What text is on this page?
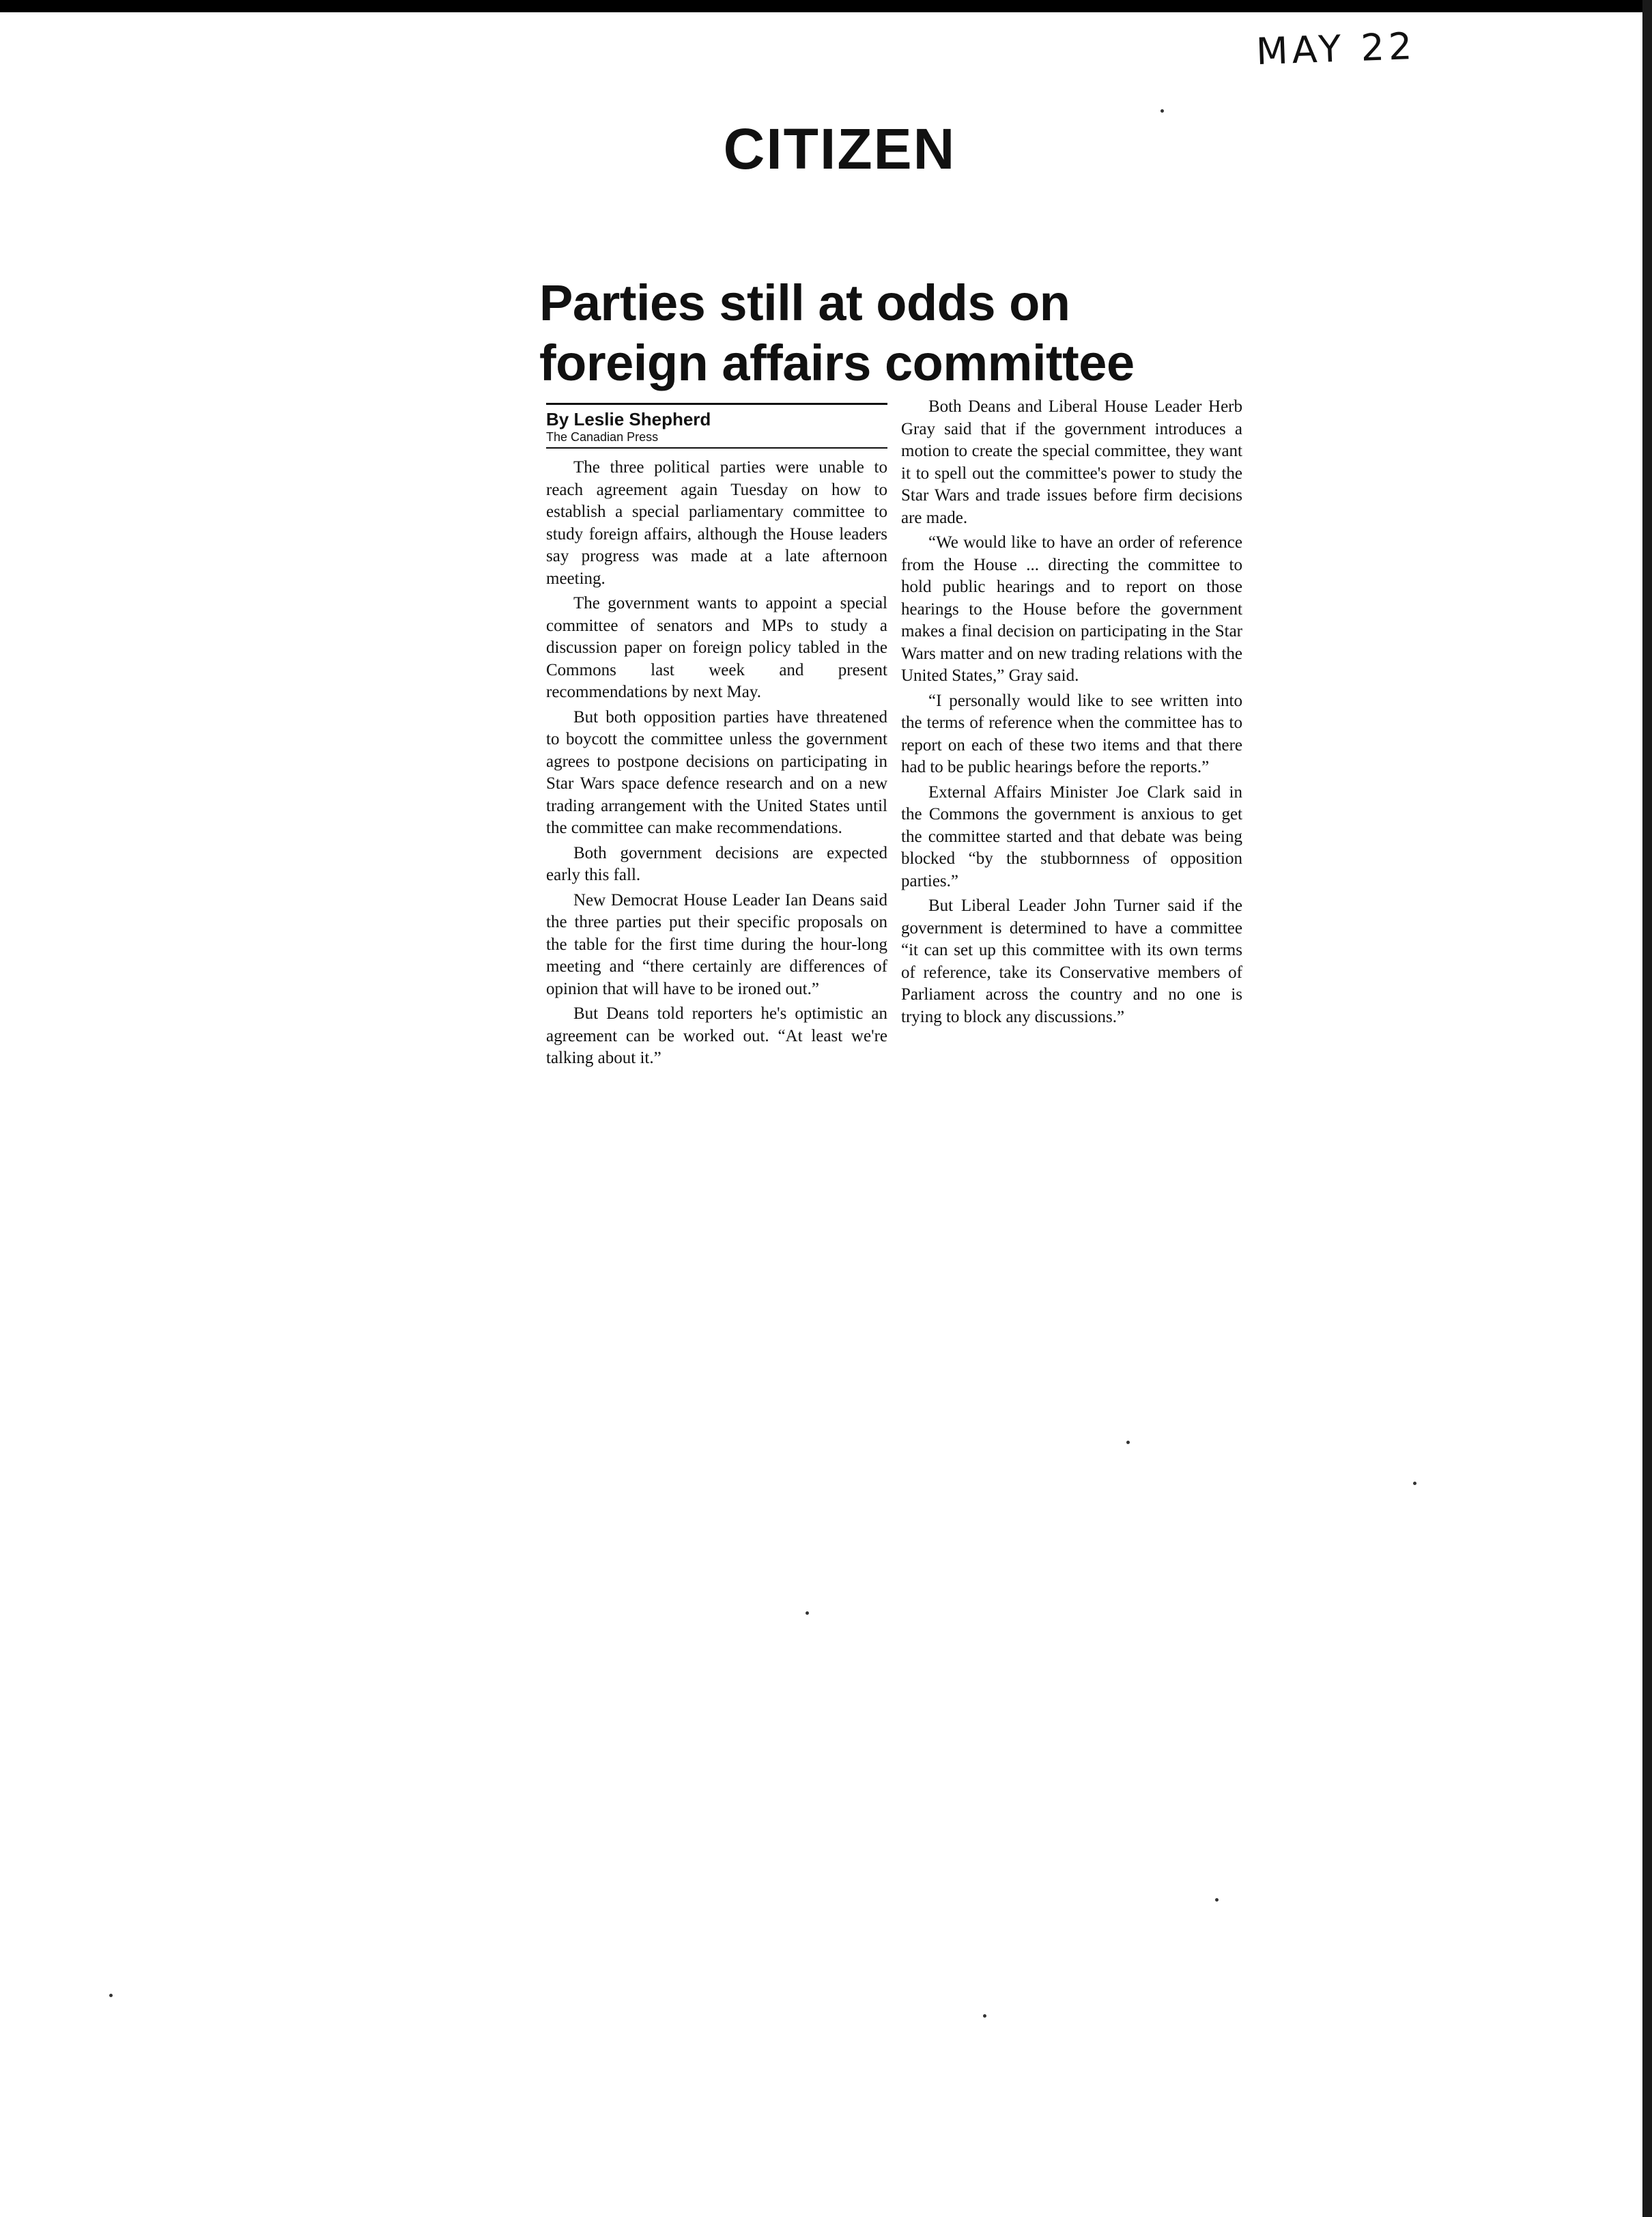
MAY 22
CITIZEN
Parties still at odds on
foreign affairs committee
By Leslie Shepherd
The Canadian Press

The three political parties were unable to reach agreement again Tuesday on how to establish a special parliamentary committee to study foreign affairs, although the House leaders say progress was made at a late afternoon meeting.

The government wants to appoint a special committee of senators and MPs to study a discussion paper on foreign policy tabled in the Commons last week and present recommendations by next May.

But both opposition parties have threatened to boycott the committee unless the government agrees to postpone decisions on participating in Star Wars space defence research and on a new trading arrangement with the United States until the committee can make recommendations.

Both government decisions are expected early this fall.

New Democrat House Leader Ian Deans said the three parties put their specific proposals on the table for the first time during the hour-long meeting and “there certainly are differences of opinion that will have to be ironed out.”

But Deans told reporters he's optimistic an agreement can be worked out. “At least we're talking about it.”

Both Deans and Liberal House Leader Herb Gray said that if the government introduces a motion to create the special committee, they want it to spell out the committee's power to study the Star Wars and trade issues before firm decisions are made.

“We would like to have an order of reference from the House ... directing the committee to hold public hearings and to report on those hearings to the House before the government makes a final decision on participating in the Star Wars matter and on new trading relations with the United States,” Gray said.

“I personally would like to see written into the terms of reference when the committee has to report on each of these two items and that there had to be public hearings before the reports.”

External Affairs Minister Joe Clark said in the Commons the government is anxious to get the committee started and that debate was being blocked “by the stubbornness of opposition parties.”

But Liberal Leader John Turner said if the government is determined to have a committee “it can set up this committee with its own terms of reference, take its Conservative members of Parliament across the country and no one is trying to block any discussions.”
